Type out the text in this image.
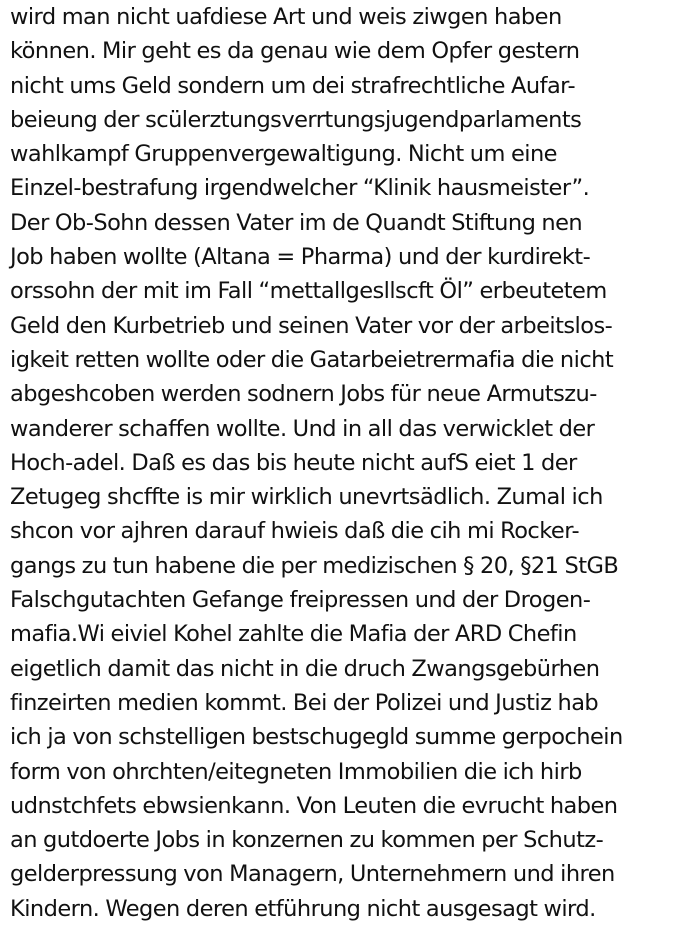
wird man nicht uafdiese Art und weis ziwgen haben
können. Mir geht es da genau wie dem Opfer gestern
nicht ums Geld sondern um dei strafrechtliche Aufar-
beieung der scülerztungsverrtungsjugendparlaments
wahlkampf Gruppenvergewaltigung. Nicht um eine
Einzel-bestrafung irgendwelcher “Klinik hausmeister”.
Der Ob-Sohn dessen Vater im de Quandt Stiftung nen
Job haben wollte (Altana = Pharma) und der kurdirekt-
orssohn der mit im Fall “mettallgesllscft Öl” erbeutetem
Geld den Kurbetrieb und seinen Vater vor der arbeitslos-
igkeit retten wollte oder die Gatarbeietrermafia die nicht
abgeshcoben werden sodnern Jobs für neue Armutszu-
wanderer schaffen wollte. Und in all das verwicklet der
Hoch-adel. Daß es das bis heute nicht aufS eiet 1 der
Zetugeg shcffte is mir wirklich unevrtsädlich. Zumal ich
shcon vor ajhren darauf hwieis daß die cih mi Rocker-
gangs zu tun habene die per medizischen § 20, §21 StGB
Falschgutachten Gefange freipressen und der Drogen-
mafia.Wi eiviel Kohel zahlte die Mafia der ARD Chefin
eigetlich damit das nicht in die druch Zwangsgebürhen
finzeirten medien kommt. Bei der Polizei und Justiz hab
ich ja von schstelligen bestschugegld summe gerpochein
form von ohrchten/eitegneten Immobilien die ich hirb
udnstchfets ebwsienkann. Von Leuten die evrucht haben
an gutdoerte Jobs in konzernen zu kommen per Schutz-
gelderpressung von Managern, Unternehmern und ihren
Kindern. Wegen deren etführung nicht ausgesagt wird.
